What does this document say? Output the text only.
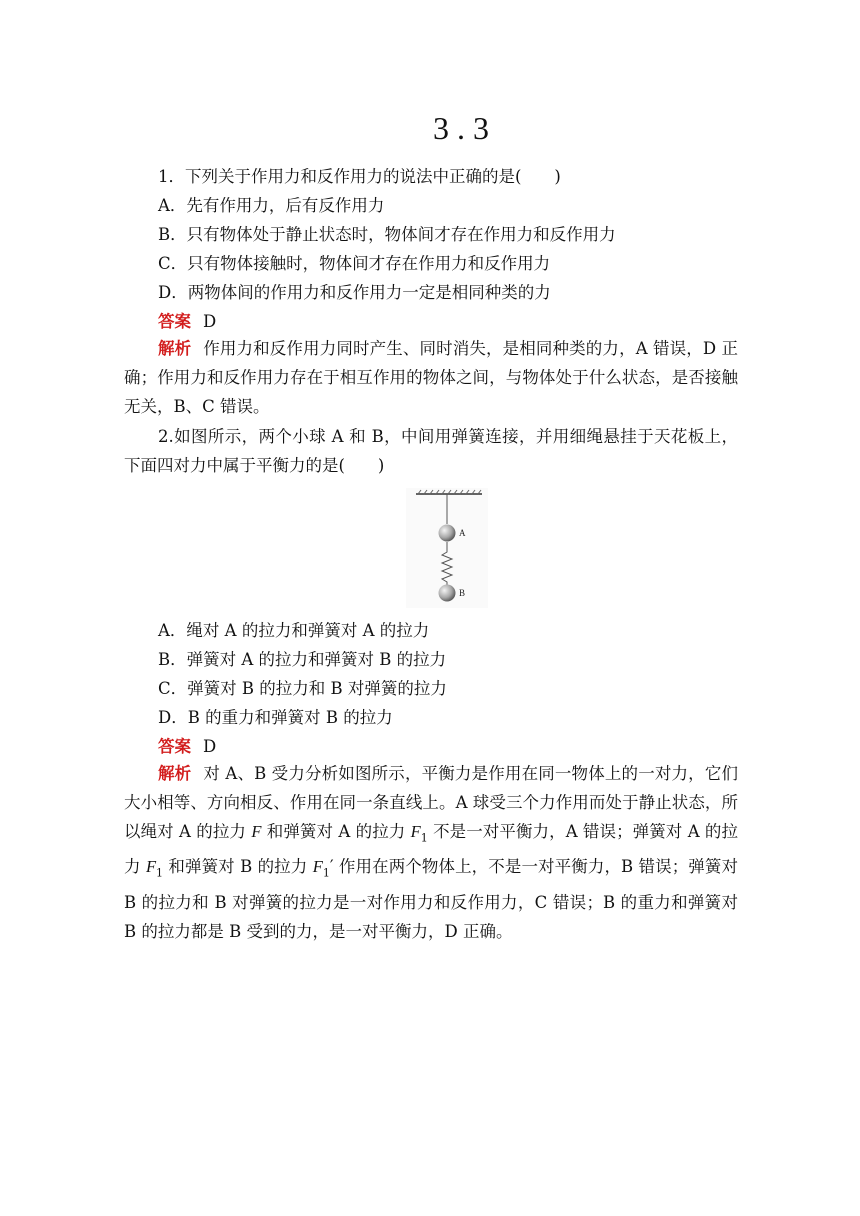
3.3
1．下列关于作用力和反作用力的说法中正确的是(　　)
A．先有作用力，后有反作用力
B．只有物体处于静止状态时，物体间才存在作用力和反作用力
C．只有物体接触时，物体间才存在作用力和反作用力
D．两物体间的作用力和反作用力一定是相同种类的力
答案 D
解析 作用力和反作用力同时产生、同时消失，是相同种类的力，A 错误，D 正确；作用力和反作用力存在于相互作用的物体之间，与物体处于什么状态，是否接触无关，B、C 错误。
2.如图所示，两个小球 A 和 B，中间用弹簧连接，并用细绳悬挂于天花板上，下面四对力中属于平衡力的是(　　)
A
B
A．绳对 A 的拉力和弹簧对 A 的拉力
B．弹簧对 A 的拉力和弹簧对 B 的拉力
C．弹簧对 B 的拉力和 B 对弹簧的拉力
D．B 的重力和弹簧对 B 的拉力
答案 D
解析 对 A、B 受力分析如图所示，平衡力是作用在同一物体上的一对力，它们大小相等、方向相反、作用在同一条直线上。A 球受三个力作用而处于静止状态，所以绳对 A 的拉力 F 和弹簧对 A 的拉力 $F_1$ 不是一对平衡力，A 错误；弹簧对 A 的拉力 $F_1$ 和弹簧对 B 的拉力 $F_1'$ 作用在两个物体上，不是一对平衡力，B 错误；弹簧对 B 的拉力和 B 对弹簧的拉力是一对作用力和反作用力，C 错误；B 的重力和弹簧对 B 的拉力都是 B 受到的力，是一对平衡力，D 正确。
